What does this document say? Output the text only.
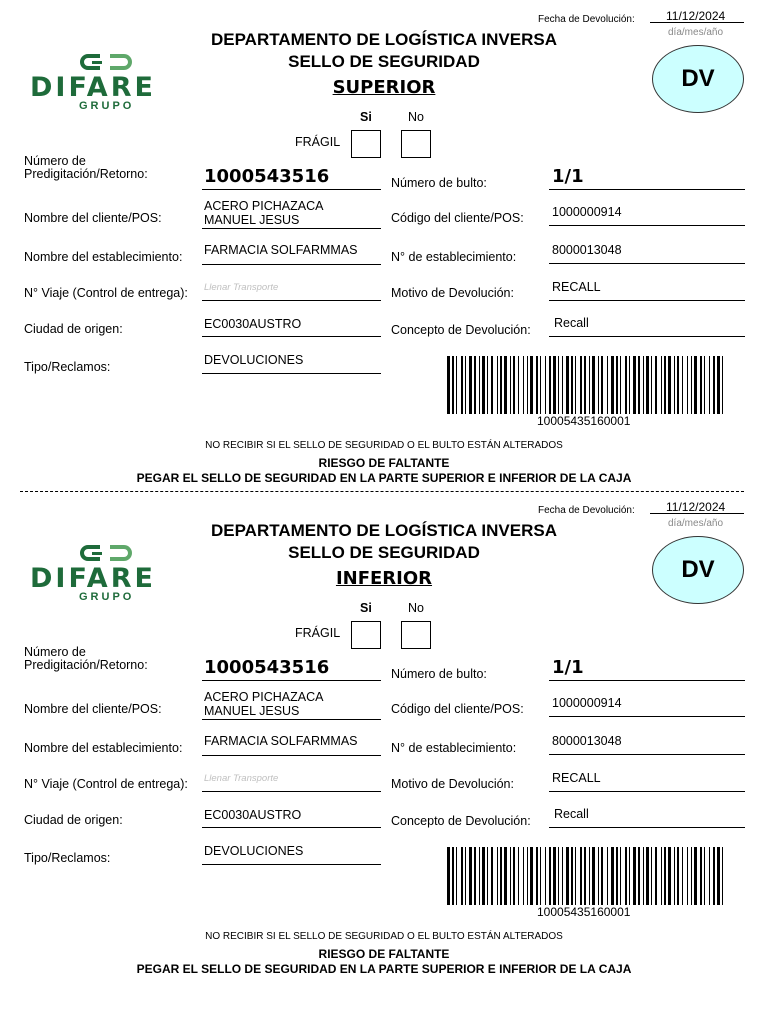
Fecha de Devolución:	11/12/2024
día/mes/año
DIFARE
GRUPO
DEPARTAMENTO DE LOGÍSTICA INVERSA
SELLO DE SEGURIDAD
SUPERIOR	DV
Si	No
FRÁGIL
Número de
Predigitación/Retorno:	1000543516
Nombre del cliente/POS:
ACERO PICHAZACA
MANUEL JESUS
Nombre del establecimiento: FARMACIA SOLFARMMAS
N° Viaje (Control de entrega): Llenar Transporte
Ciudad de origen:	EC0030AUSTRO
Tipo/Reclamos:	DEVOLUCIONES
Número de bulto:	1/1
Código del cliente/POS: 1000000914
N° de establecimiento:	8000013048
Motivo de Devolución:	RECALL
Concepto de Devolución: Recall
10005435160001
NO RECIBIR SI EL SELLO DE SEGURIDAD O EL BULTO ESTÁN ALTERADOS
RIESGO DE FALTANTE
PEGAR EL SELLO DE SEGURIDAD EN LA PARTE SUPERIOR E INFERIOR DE LA CAJA
Fecha de Devolución:	11/12/2024
día/mes/año
DIFARE
GRUPO
DEPARTAMENTO DE LOGÍSTICA INVERSA
SELLO DE SEGURIDAD
INFERIOR	DV
Si	No
FRÁGIL
Número de
Predigitación/Retorno:	1000543516
Nombre del cliente/POS:
ACERO PICHAZACA
MANUEL JESUS
Nombre del establecimiento: FARMACIA SOLFARMMAS
N° Viaje (Control de entrega): Llenar Transporte
Ciudad de origen:	EC0030AUSTRO
Tipo/Reclamos:	DEVOLUCIONES
Número de bulto:	1/1
Código del cliente/POS: 1000000914
N° de establecimiento:	8000013048
Motivo de Devolución:	RECALL
Concepto de Devolución: Recall
10005435160001
NO RECIBIR SI EL SELLO DE SEGURIDAD O EL BULTO ESTÁN ALTERADOS
RIESGO DE FALTANTE
PEGAR EL SELLO DE SEGURIDAD EN LA PARTE SUPERIOR E INFERIOR DE LA CAJA
